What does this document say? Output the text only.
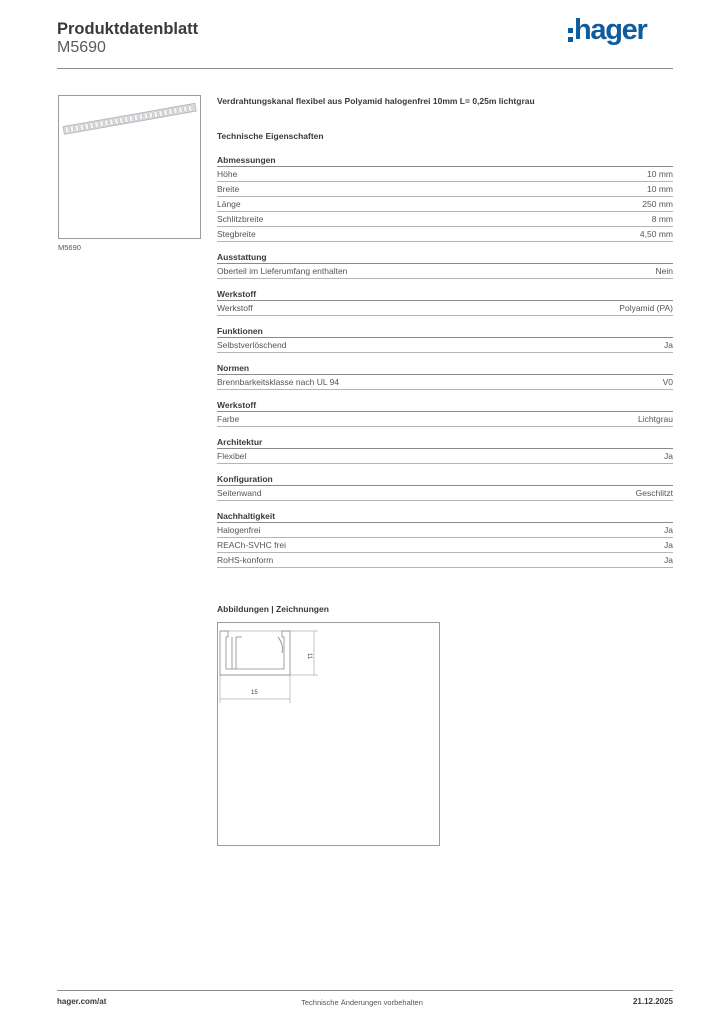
Produktdatenblatt
M5690
hager
M5690
Verdrahtungskanal flexibel aus Polyamid halogenfrei 10mm L= 0,25m lichtgrau
Technische Eigenschaften
Abmessungen
Höhe	10 mm
Breite	10 mm
Länge	250 mm
Schlitzbreite	8 mm
Stegbreite	4,50 mm
Ausstattung
Oberteil im Lieferumfang enthalten	Nein
Werkstoff
Werkstoff	Polyamid (PA)
Funktionen
Selbstverlöschend	Ja
Normen
Brennbarkeitsklasse nach UL 94	V0
Werkstoff
Farbe	Lichtgrau
Architektur
Flexibel	Ja
Konfiguration
Seitenwand	Geschlitzt
Nachhaltigkeit
Halogenfrei	Ja
REACh-SVHC frei	Ja
RoHS-konform	Ja
Abbildungen | Zeichnungen
11
15
hager.com/at	Technische Änderungen vorbehalten	21.12.2025
